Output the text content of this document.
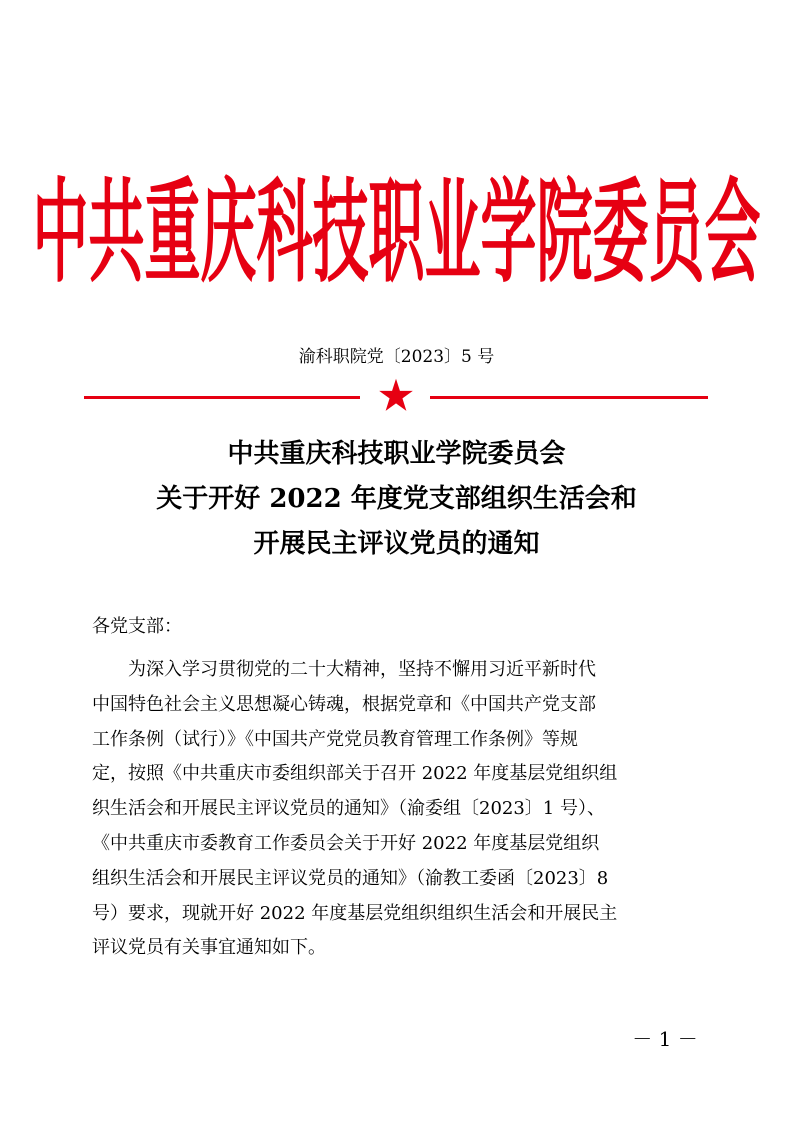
中共重庆科技职业学院委员会
渝科职院党〔2023〕5 号
中共重庆科技职业学院委员会
关于开好 2022 年度党支部组织生活会和
开展民主评议党员的通知
各党支部：
为深入学习贯彻党的二十大精神，坚持不懈用习近平新时代
中国特色社会主义思想凝心铸魂，根据党章和《中国共产党支部
工作条例（试行）》《中国共产党党员教育管理工作条例》等规
定，按照《中共重庆市委组织部关于召开 2022 年度基层党组织组
织生活会和开展民主评议党员的通知》（渝委组〔2023〕1 号）、
《中共重庆市委教育工作委员会关于开好 2022 年度基层党组织
组织生活会和开展民主评议党员的通知》（渝教工委函〔2023〕8
号）要求，现就开好 2022 年度基层党组织组织生活会和开展民主
评议党员有关事宜通知如下。
－ 1 －
